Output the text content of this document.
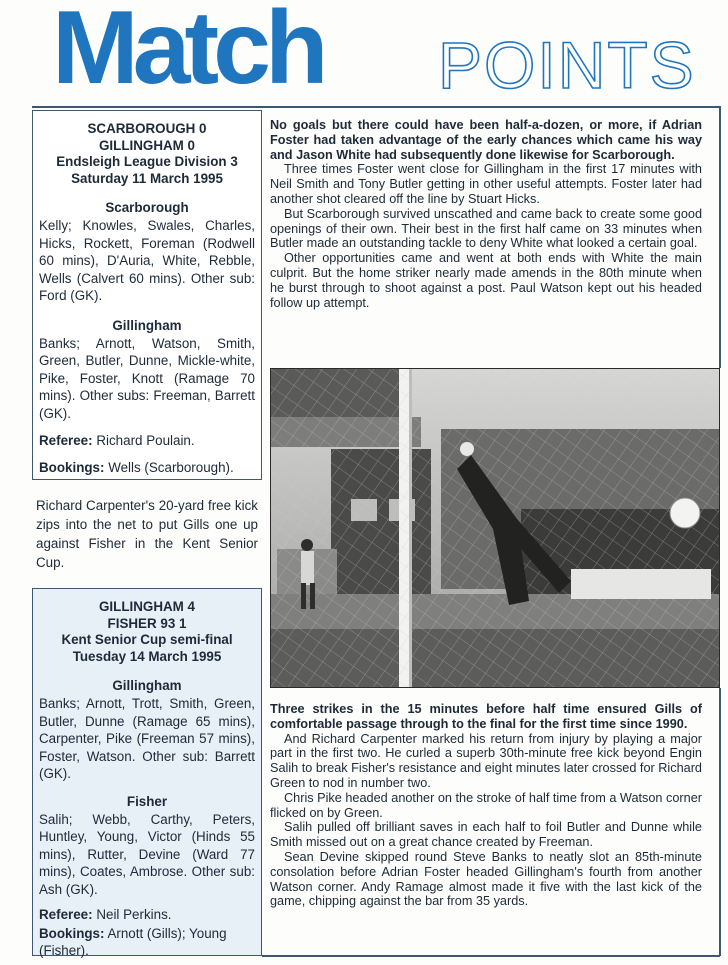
Match POINTS
SCARBOROUGH 0
GILLINGHAM 0
Endsleigh League Division 3
Saturday 11 March 1995
Scarborough
Kelly; Knowles, Swales, Charles, Hicks, Rockett, Foreman (Rodwell 60 mins), D'Auria, White, Rebble, Wells (Calvert 60 mins). Other sub: Ford (GK).
Gillingham
Banks; Arnott, Watson, Smith, Green, Butler, Dunne, Mickle-white, Pike, Foster, Knott (Ramage 70 mins). Other subs: Freeman, Barrett (GK).
Referee: Richard Poulain.
Bookings: Wells (Scarborough).
Richard Carpenter's 20-yard free kick zips into the net to put Gills one up against Fisher in the Kent Senior Cup.
GILLINGHAM 4
FISHER 93 1
Kent Senior Cup semi-final
Tuesday 14 March 1995
Gillingham
Banks; Arnott, Trott, Smith, Green, Butler, Dunne (Ramage 65 mins), Carpenter, Pike (Freeman 57 mins), Foster, Watson. Other sub: Barrett (GK).
Fisher
Salih; Webb, Carthy, Peters, Huntley, Young, Victor (Hinds 55 mins), Rutter, Devine (Ward 77 mins), Coates, Ambrose. Other sub: Ash (GK).
Referee: Neil Perkins.
Bookings: Arnott (Gills); Young (Fisher).

No goals but there could have been half-a-dozen, or more, if Adrian Foster had taken advantage of the early chances which came his way and Jason White had subsequently done likewise for Scarborough.

Three times Foster went close for Gillingham in the first 17 minutes with Neil Smith and Tony Butler getting in other useful attempts. Foster later had another shot cleared off the line by Stuart Hicks.

But Scarborough survived unscathed and came back to create some good openings of their own. Their best in the first half came on 33 minutes when Butler made an outstanding tackle to deny White what looked a certain goal.

Other opportunities came and went at both ends with White the main culprit. But the home striker nearly made amends in the 80th minute when he burst through to shoot against a post. Paul Watson kept out his headed follow up attempt.

Three strikes in the 15 minutes before half time ensured Gills of comfortable passage through to the final for the first time since 1990.

And Richard Carpenter marked his return from injury by playing a major part in the first two. He curled a superb 30th-minute free kick beyond Engin Salih to break Fisher's resistance and eight minutes later crossed for Richard Green to nod in number two.

Chris Pike headed another on the stroke of half time from a Watson corner flicked on by Green.

Salih pulled off brilliant saves in each half to foil Butler and Dunne while Smith missed out on a great chance created by Freeman.

Sean Devine skipped round Steve Banks to neatly slot an 85th-minute consolation before Adrian Foster headed Gillingham's fourth from another Watson corner. Andy Ramage almost made it five with the last kick of the game, chipping against the bar from 35 yards.
